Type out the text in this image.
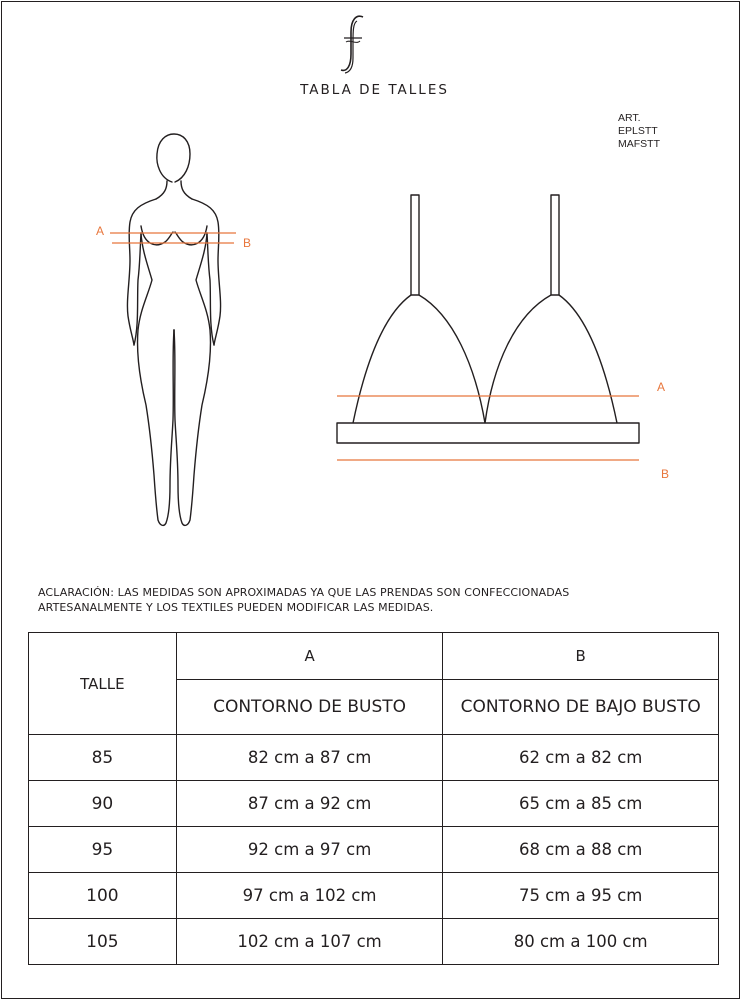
TABLA DE TALLES
ART.
EPLSTT
MAFSTT
A
B
A
B
ACLARACIÓN: LAS MEDIDAS SON APROXIMADAS YA QUE LAS PRENDAS SON CONFECCIONADAS
ARTESANALMENTE Y LOS TEXTILES PUEDEN MODIFICAR LAS MEDIDAS.
TALLE	A	B
	CONTORNO DE BUSTO	CONTORNO DE BAJO BUSTO
85	82 cm a 87 cm	62 cm a 82 cm
90	87 cm a 92 cm	65 cm a 85 cm
95	92 cm a 97 cm	68 cm a 88 cm
100	97 cm a 102 cm	75 cm a 95 cm
105	102 cm a 107 cm	80 cm a 100 cm
